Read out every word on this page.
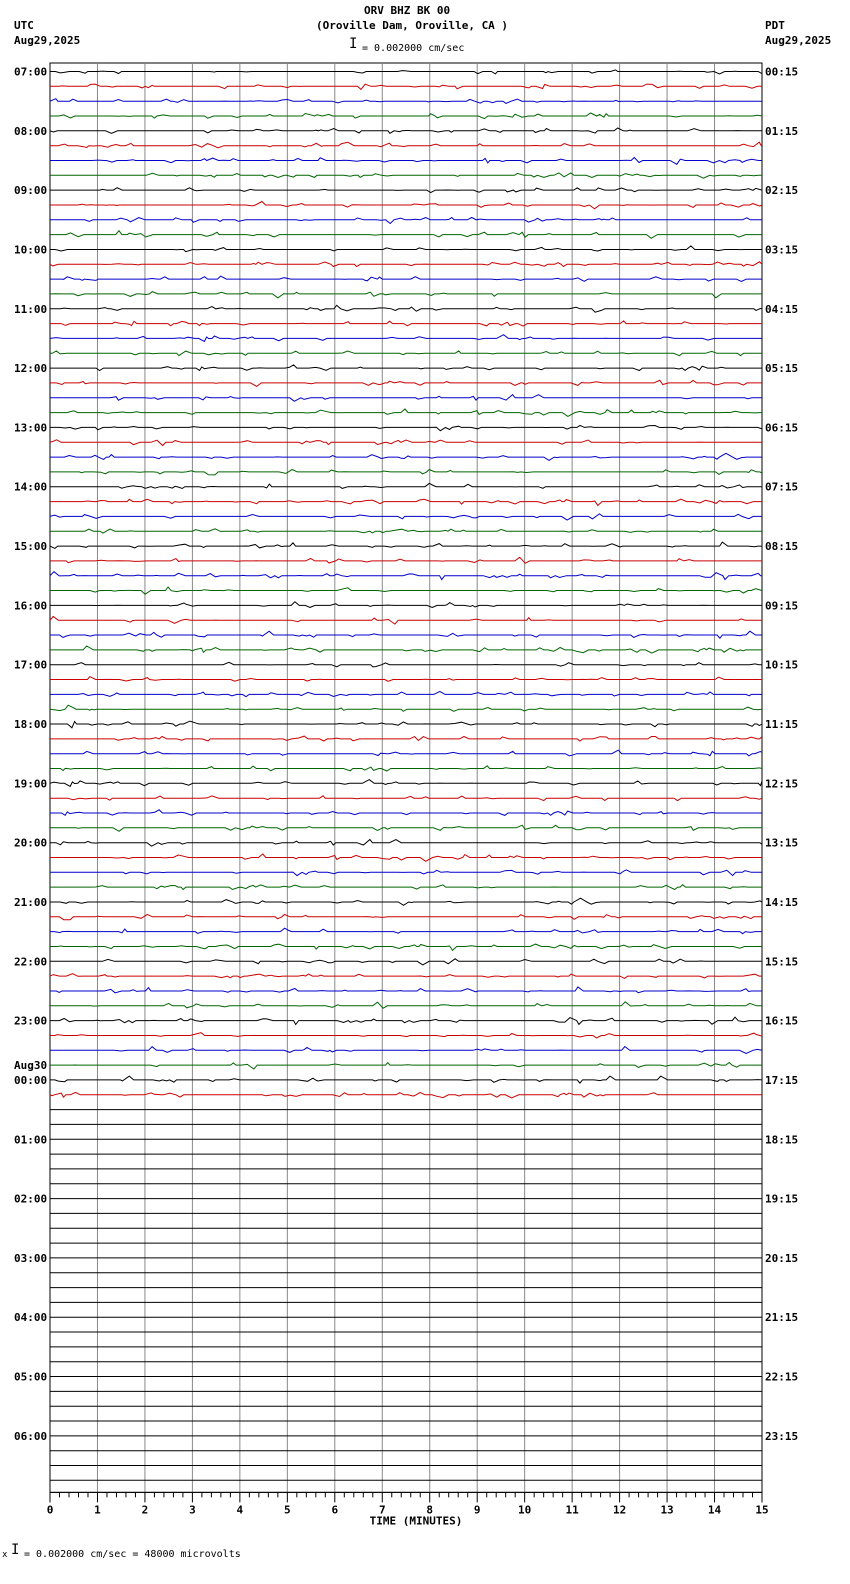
ORV BHZ BK 00
(Oroville Dam, Oroville, CA )
I = 0.002000 cm/sec
UTC
Aug29,2025
PDT
Aug29,2025
07:00	00:15
08:00	01:15
09:00	02:15
10:00	03:15
11:00	04:15
12:00	05:15
13:00	06:15
14:00	07:15
15:00	08:15
16:00	09:15
17:00	10:15
18:00	11:15
19:00	12:15
20:00	13:15
21:00	14:15
22:00	15:15
23:00	16:15
00:00	17:15
01:00	18:15
02:00	19:15
03:00	20:15
04:00	21:15
05:00	22:15
06:00	23:15
Aug30
0	1	2	3	4	5	6	7	8	9	10	11	12	13	14	15
TIME (MINUTES)
x I = 0.002000 cm/sec = 48000 microvolts
